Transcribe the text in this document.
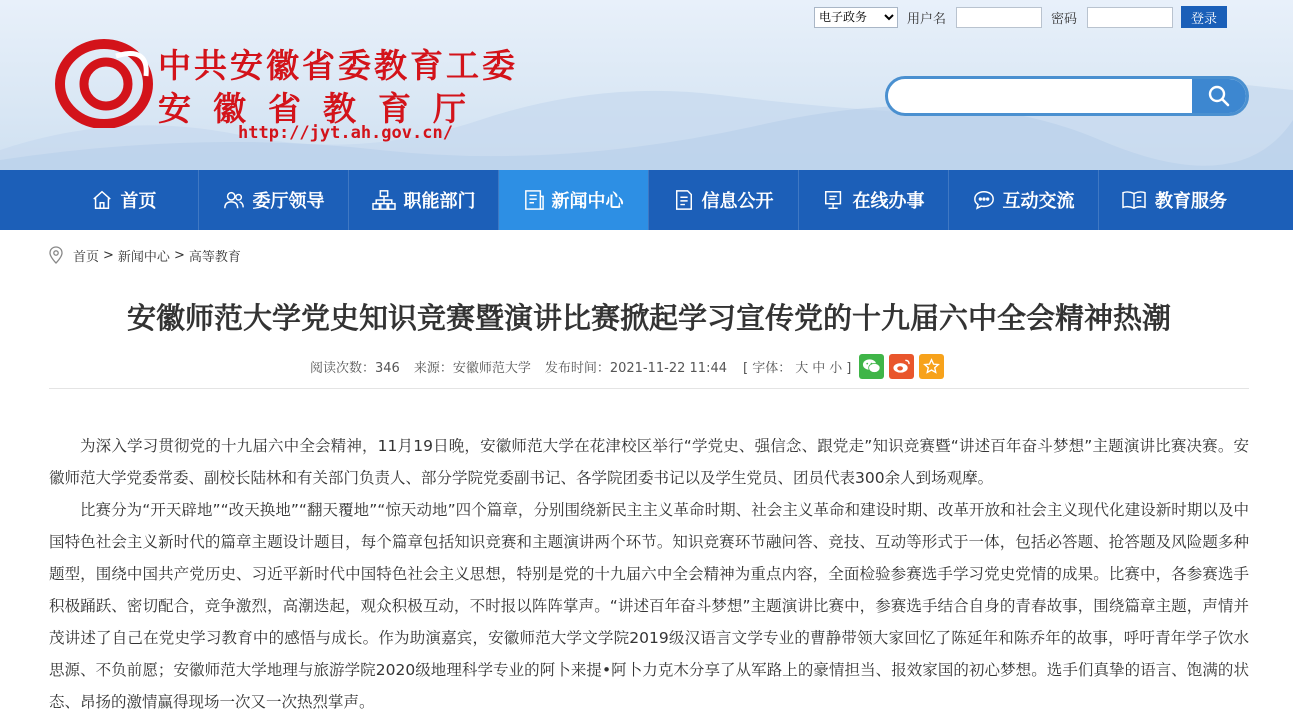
中共安徽省委教育工委
安徽省教育厅
http://jyt.ah.gov.cn/
电子政务
用户名	密码	登录
首页	委厅领导	职能部门	新闻中心	信息公开	在线办事	互动交流	教育服务
首页 > 新闻中心 > 高等教育
安徽师范大学党史知识竞赛暨演讲比赛掀起学习宣传党的十九届六中全会精神热潮
阅读次数：346 来源：安徽师范大学 发布时间：2021-11-22 11:44 [ 字体： 大 中 小 ]

为深入学习贯彻党的十九届六中全会精神，11月19日晚，安徽师范大学在花津校区举行“学党史、强信念、跟党走”知识竞赛暨“讲述百年奋斗梦想”主题演讲比赛决赛。安徽师范大学党委常委、副校长陆林和有关部门负责人、部分学院党委副书记、各学院团委书记以及学生党员、团员代表300余人到场观摩。

比赛分为“开天辟地”“改天换地”“翻天覆地”“惊天动地”四个篇章，分别围绕新民主主义革命时期、社会主义革命和建设时期、改革开放和社会主义现代化建设新时期以及中国特色社会主义新时代的篇章主题设计题目，每个篇章包括知识竞赛和主题演讲两个环节。知识竞赛环节融问答、竞技、互动等形式于一体，包括必答题、抢答题及风险题多种题型，围绕中国共产党历史、习近平新时代中国特色社会主义思想，特别是党的十九届六中全会精神为重点内容，全面检验参赛选手学习党史党情的成果。比赛中，各参赛选手积极踊跃、密切配合，竞争激烈，高潮迭起，观众积极互动，不时报以阵阵掌声。“讲述百年奋斗梦想”主题演讲比赛中，参赛选手结合自身的青春故事，围绕篇章主题，声情并茂讲述了自己在党史学习教育中的感悟与成长。作为助演嘉宾，安徽师范大学文学院2019级汉语言文学专业的曹静带领大家回忆了陈延年和陈乔年的故事，呼吁青年学子饮水思源、不负前愿；安徽师范大学地理与旅游学院2020级地理科学专业的阿卜来提•阿卜力克木分享了从军路上的豪情担当、报效家国的初心梦想。选手们真挚的语言、饱满的状态、昂扬的激情赢得现场一次又一次热烈掌声。
